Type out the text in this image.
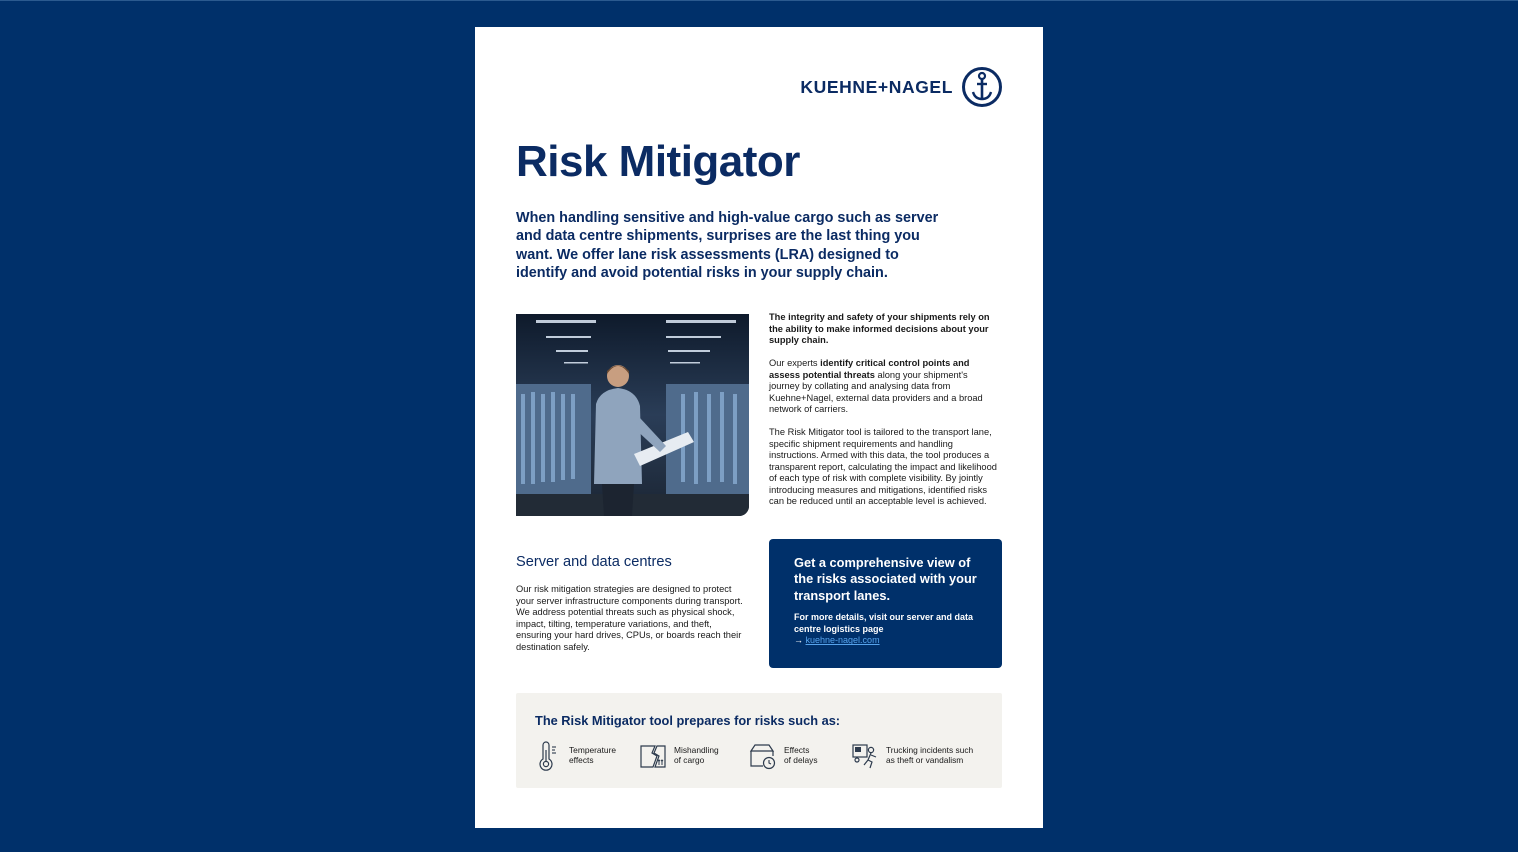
KUEHNE+NAGEL
Risk Mitigator

When handling sensitive and high-value cargo such as server and data centre shipments, surprises are the last thing you want. We offer lane risk assessments (LRA) designed to identify and avoid potential risks in your supply chain.

The integrity and safety of your shipments rely on the ability to make informed decisions about your supply chain.

Our experts identify critical control points and assess potential threats along your shipment's journey by collating and analysing data from Kuehne+Nagel, external data providers and a broad network of carriers.

The Risk Mitigator tool is tailored to the transport lane, specific shipment requirements and handling instructions. Armed with this data, the tool produces a transparent report, calculating the impact and likelihood of each type of risk with complete visibility. By jointly introducing measures and mitigations, identified risks can be reduced until an acceptable level is achieved.

Server and data centres

Our risk mitigation strategies are designed to protect your server infrastructure components during transport. We address potential threats such as physical shock, impact, tilting, temperature variations, and theft, ensuring your hard drives, CPUs, or boards reach their destination safely.

Get a comprehensive view of the risks associated with your transport lanes.

For more details, visit our server and data centre logistics page
→ kuehne-nagel.com

The Risk Mitigator tool prepares for risks such as:

Temperature
effects
Mishandling
of cargo
Effects
of delays
Trucking incidents such
as theft or vandalism
